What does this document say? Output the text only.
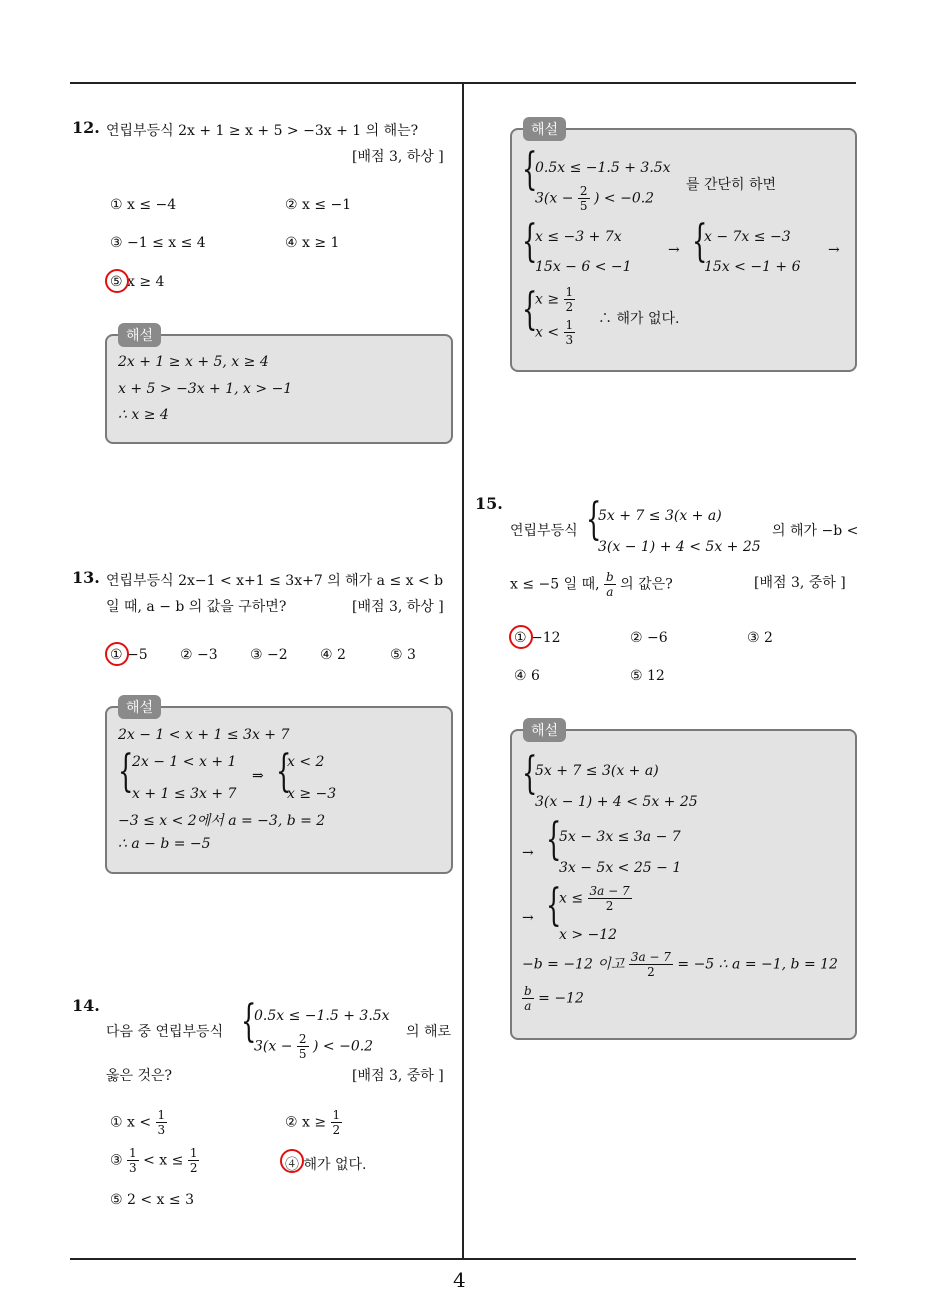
4
12. 연립부등식 2x + 1 ≥ x + 5 > −3x + 1 의 해는?
[배점 3, 하상 ]
① x ≤ −4	② x ≤ −1
③ −1 ≤ x ≤ 4	④ x ≥ 1
⑤ x ≥ 4
해설
2x + 1 ≥ x + 5, x ≥ 4
x + 5 > −3x + 1, x > −1
∴ x ≥ 4
13. 연립부등식 2x−1 < x+1 ≤ 3x+7 의 해가 a ≤ x < b
일 때, a − b 의 값을 구하면?	[배점 3, 하상 ]
① −5 ② −3 ③ −2 ④ 2	⑤ 3
해설
2x − 1 < x + 1 ≤ 3x + 7
{
2x − 1 < x + 1
x + 1 ≤ 3x + 7
⇒ {
x < 2
x ≥ −3
−3 ≤ x < 2에서 a = −3, b = 2
∴ a − b = −5
14.
다음 중 연립부등식 {
0.5x ≤ −1.5 + 3.5x
$3(x - \frac{2}{5}$ ) < −0.2
의 해로
옳은 것은?	[배점 3, 중하 ]
① $x < \frac{1}{3}$	② $x \ge \frac{1}{2}$
③ $\frac{1}{3} < x \le \frac{1}{2}$	④ 해가 없다.
⑤ 2 < x ≤ 3
해설
{
0.5x ≤ −1.5 + 3.5x
$3(x - \frac{2}{5}$ ) < −0.2
를 간단히 하면
{
x ≤ −3 + 7x
15x − 6 < −1
→ {
x − 7x ≤ −3
15x < −1 + 6
→
{
$x \ge \frac{1}{2}$
$x < \frac{1}{3}$ ∴ 해가 없다.
15.
연립부등식 {
5x + 7 ≤ 3(x + a)
3(x − 1) + 4 < 5x + 25
의 해가 −b <
x ≤ −5 일 때, $\frac{b}{a}$ 의 값은?	[배점 3, 중하 ]
① −12	② −6	③ 2
④ 6	⑤ 12
해설
{
5x + 7 ≤ 3(x + a)
3(x − 1) + 4 < 5x + 25
→ {
5x − 3x ≤ 3a − 7
3x − 5x < 25 − 1
→ {
$x \le \frac{3a - 7}{2}$
x > −12
−b = −12 이고 $\frac{3a - 7}{2} = -5$ ∴ a = −1, b = 12
$\frac{b}{a} = -12$
